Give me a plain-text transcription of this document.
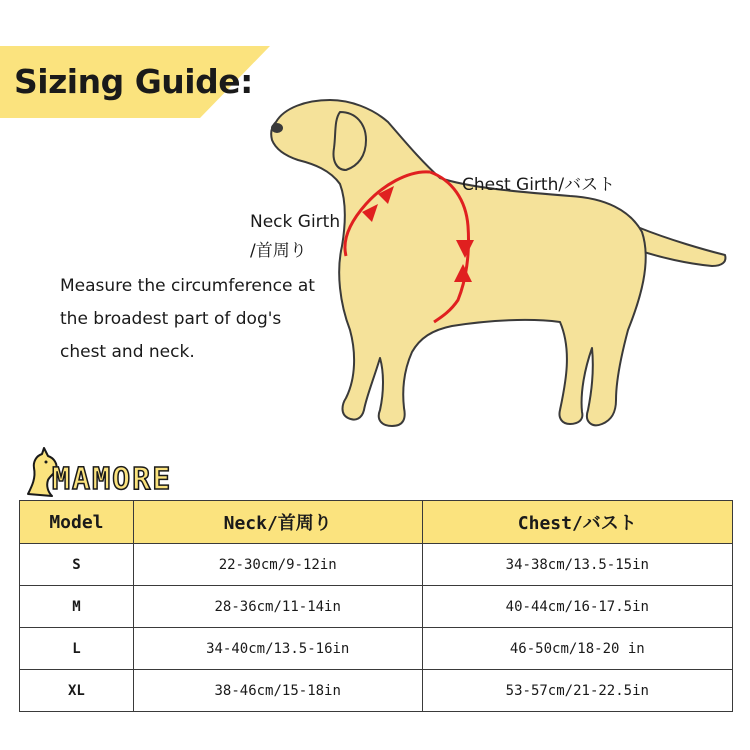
Sizing Guide:
Chest Girth/バスト
Neck Girth
/首周り
Measure the circumference at
the broadest part of dog's
chest and neck.
MAMORE
Model	Neck/首周り	Chest/バスト
S	22-30cm/9-12in	34-38cm/13.5-15in
M	28-36cm/11-14in	40-44cm/16-17.5in
L	34-40cm/13.5-16in	46-50cm/18-20 in
XL	38-46cm/15-18in	53-57cm/21-22.5in
